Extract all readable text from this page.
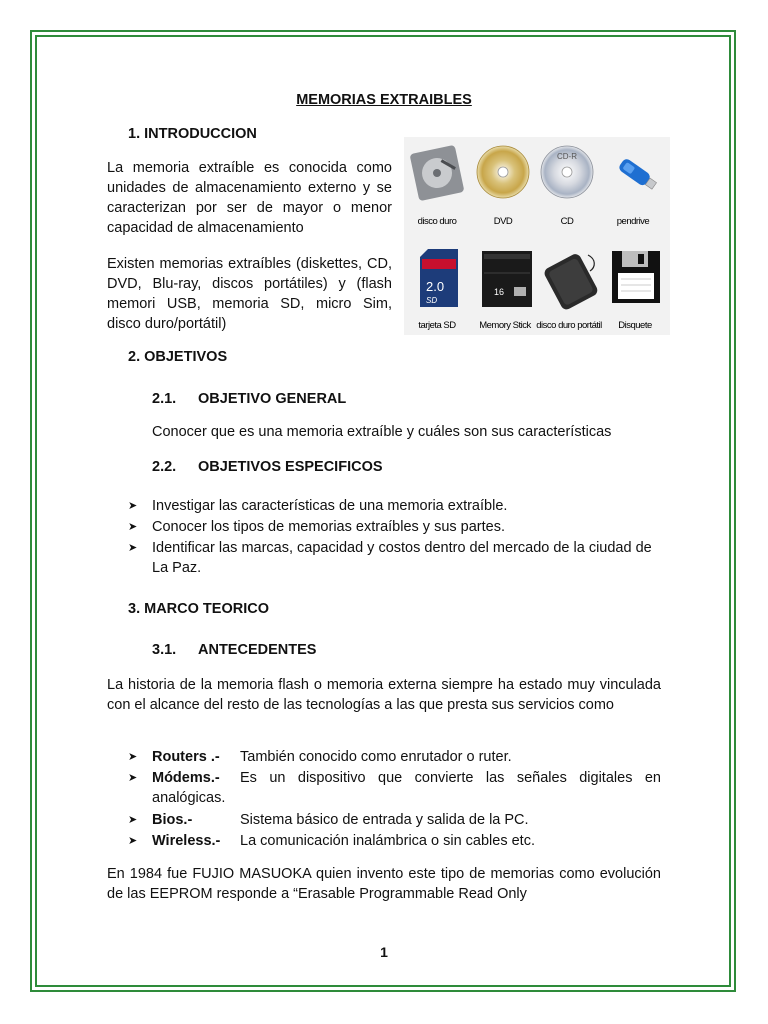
MEMORIAS EXTRAIBLES
1. INTRODUCCION
La memoria extraíble es conocida como unidades de almacenamiento externo y se caracterizan por ser de mayor o menor capacidad de almacenamiento
Existen memorias extraíbles (diskettes, CD, DVD, Blu-ray, discos portátiles) y (flash memori USB, memoria SD, micro Sim, disco duro/portátil)
disco duro	DVD
CD-R
CD	pendrive
2.0
SD
tarjeta SD
16
Memory Stick disco duro portátil	Disquete
2. OBJETIVOS
2.1. OBJETIVO GENERAL
Conocer que es una memoria extraíble y cuáles son sus características
2.2. OBJETIVOS ESPECIFICOS
➤ Investigar las características de una memoria extraíble.
➤ Conocer los tipos de memorias extraíbles y sus partes.
➤ Identificar las marcas, capacidad y costos dentro del mercado de la ciudad de La Paz.
3. MARCO TEORICO
3.1. ANTECEDENTES
La historia de la memoria flash o memoria externa siempre ha estado muy vinculada con el alcance del resto de las tecnologías a las que presta sus servicios como
➤ Routers .- También conocido como enrutador o ruter.
➤ Módems.- Es un dispositivo que convierte las señales digitales en analógicas.
➤ Bios.-	Sistema básico de entrada y salida de la PC.
➤ Wireless.- La comunicación inalámbrica o sin cables etc.
En 1984 fue FUJIO MASUOKA quien invento este tipo de memorias como evolución de las EEPROM responde a “Erasable Programmable Read Only
1
